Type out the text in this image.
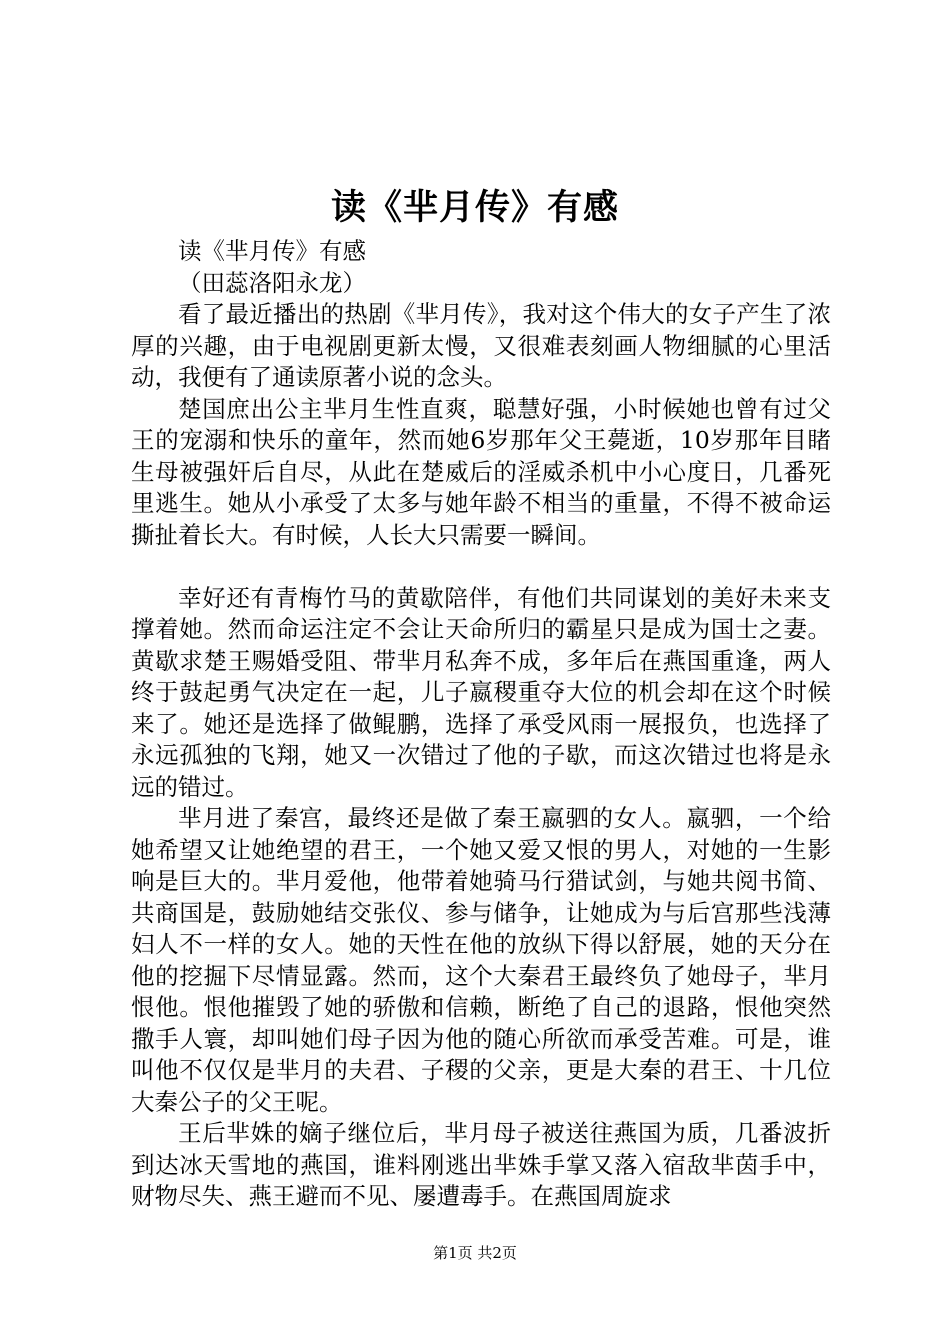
读《芈月传》有感

读《芈月传》有感

（田蕊洛阳永龙）

看了最近播出的热剧《芈月传》，我对这个伟大的女子产生了浓厚的兴趣，由于电视剧更新太慢，又很难表刻画人物细腻的心里活动，我便有了通读原著小说的念头。

楚国庶出公主芈月生性直爽，聪慧好强，小时候她也曾有过父王的宠溺和快乐的童年，然而她6岁那年父王薨逝，10岁那年目睹生母被强奸后自尽，从此在楚威后的淫威杀机中小心度日，几番死里逃生。她从小承受了太多与她年龄不相当的重量，不得不被命运撕扯着长大。有时候，人长大只需要一瞬间。

幸好还有青梅竹马的黄歇陪伴，有他们共同谋划的美好未来支撑着她。然而命运注定不会让天命所归的霸星只是成为国士之妻。黄歇求楚王赐婚受阻、带芈月私奔不成，多年后在燕国重逢，两人终于鼓起勇气决定在一起，儿子嬴稷重夺大位的机会却在这个时候来了。她还是选择了做鲲鹏，选择了承受风雨一展报负，也选择了永远孤独的飞翔，她又一次错过了他的子歇，而这次错过也将是永远的错过。

芈月进了秦宫，最终还是做了秦王嬴驷的女人。嬴驷，一个给她希望又让她绝望的君王，一个她又爱又恨的男人，对她的一生影响是巨大的。芈月爱他，他带着她骑马行猎试剑，与她共阅书简、共商国是，鼓励她结交张仪、参与储争，让她成为与后宫那些浅薄妇人不一样的女人。她的天性在他的放纵下得以舒展，她的天分在他的挖掘下尽情显露。然而，这个大秦君王最终负了她母子，芈月恨他。恨他摧毁了她的骄傲和信赖，断绝了自己的退路，恨他突然撒手人寰，却叫她们母子因为他的随心所欲而承受苦难。可是，谁叫他不仅仅是芈月的夫君、子稷的父亲，更是大秦的君王、十几位大秦公子的父王呢。

王后芈姝的嫡子继位后，芈月母子被送往燕国为质，几番波折到达冰天雪地的燕国，谁料刚逃出芈姝手掌又落入宿敌芈茵手中，财物尽失、燕王避而不见、屡遭毒手。在燕国周旋求

第1页 共2页
